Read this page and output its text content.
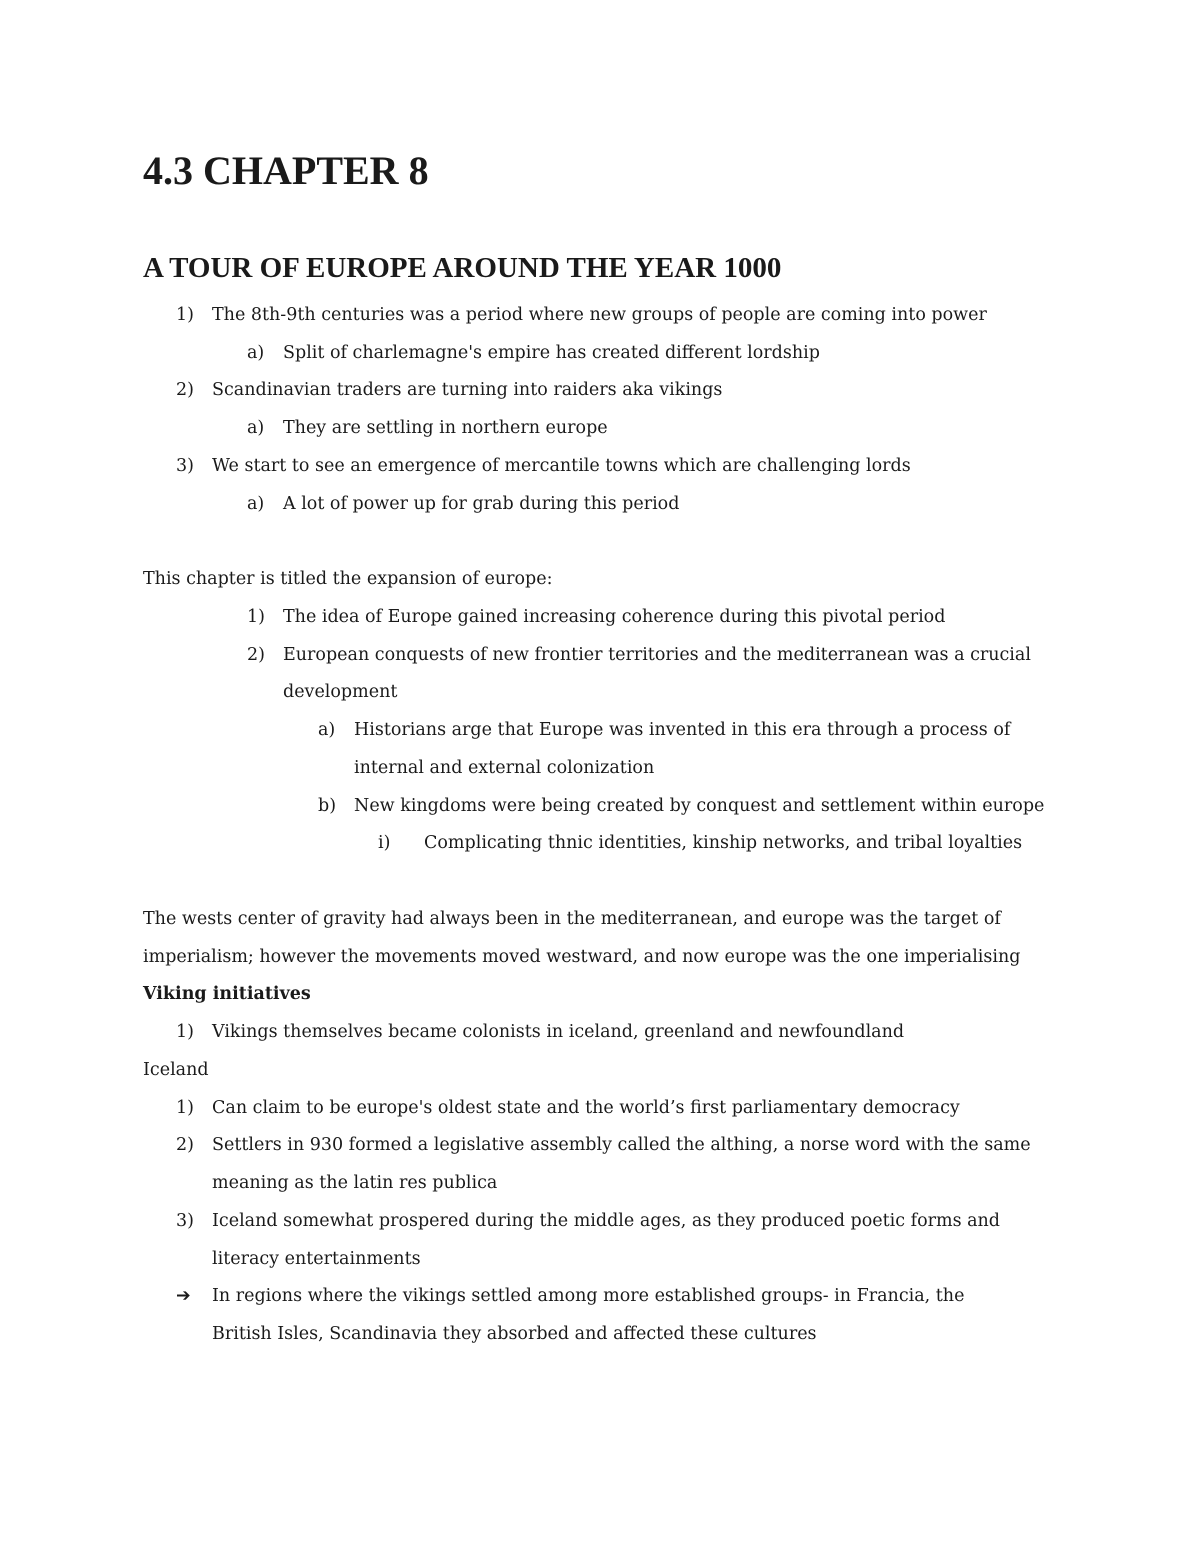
4.3 CHAPTER 8
A TOUR OF EUROPE AROUND THE YEAR 1000
1) The 8th-9th centuries was a period where new groups of people are coming into power
a) Split of charlemagne's empire has created different lordship
2) Scandinavian traders are turning into raiders aka vikings
a) They are settling in northern europe
3) We start to see an emergence of mercantile towns which are challenging lords
a) A lot of power up for grab during this period
This chapter is titled the expansion of europe:
1) The idea of Europe gained increasing coherence during this pivotal period
2) European conquests of new frontier territories and the mediterranean was a crucial
development
a) Historians arge that Europe was invented in this era through a process of
internal and external colonization
b) New kingdoms were being created by conquest and settlement within europe
i) Complicating thnic identities, kinship networks, and tribal loyalties
The wests center of gravity had always been in the mediterranean, and europe was the target of
imperialism; however the movements moved westward, and now europe was the one imperialising
Viking initiatives
1) Vikings themselves became colonists in iceland, greenland and newfoundland
Iceland
1) Can claim to be europe's oldest state and the world’s first parliamentary democracy
2) Settlers in 930 formed a legislative assembly called the althing, a norse word with the same
meaning as the latin res publica
3) Iceland somewhat prospered during the middle ages, as they produced poetic forms and
literacy entertainments
➔ In regions where the vikings settled among more established groups- in Francia, the
British Isles, Scandinavia they absorbed and affected these cultures
